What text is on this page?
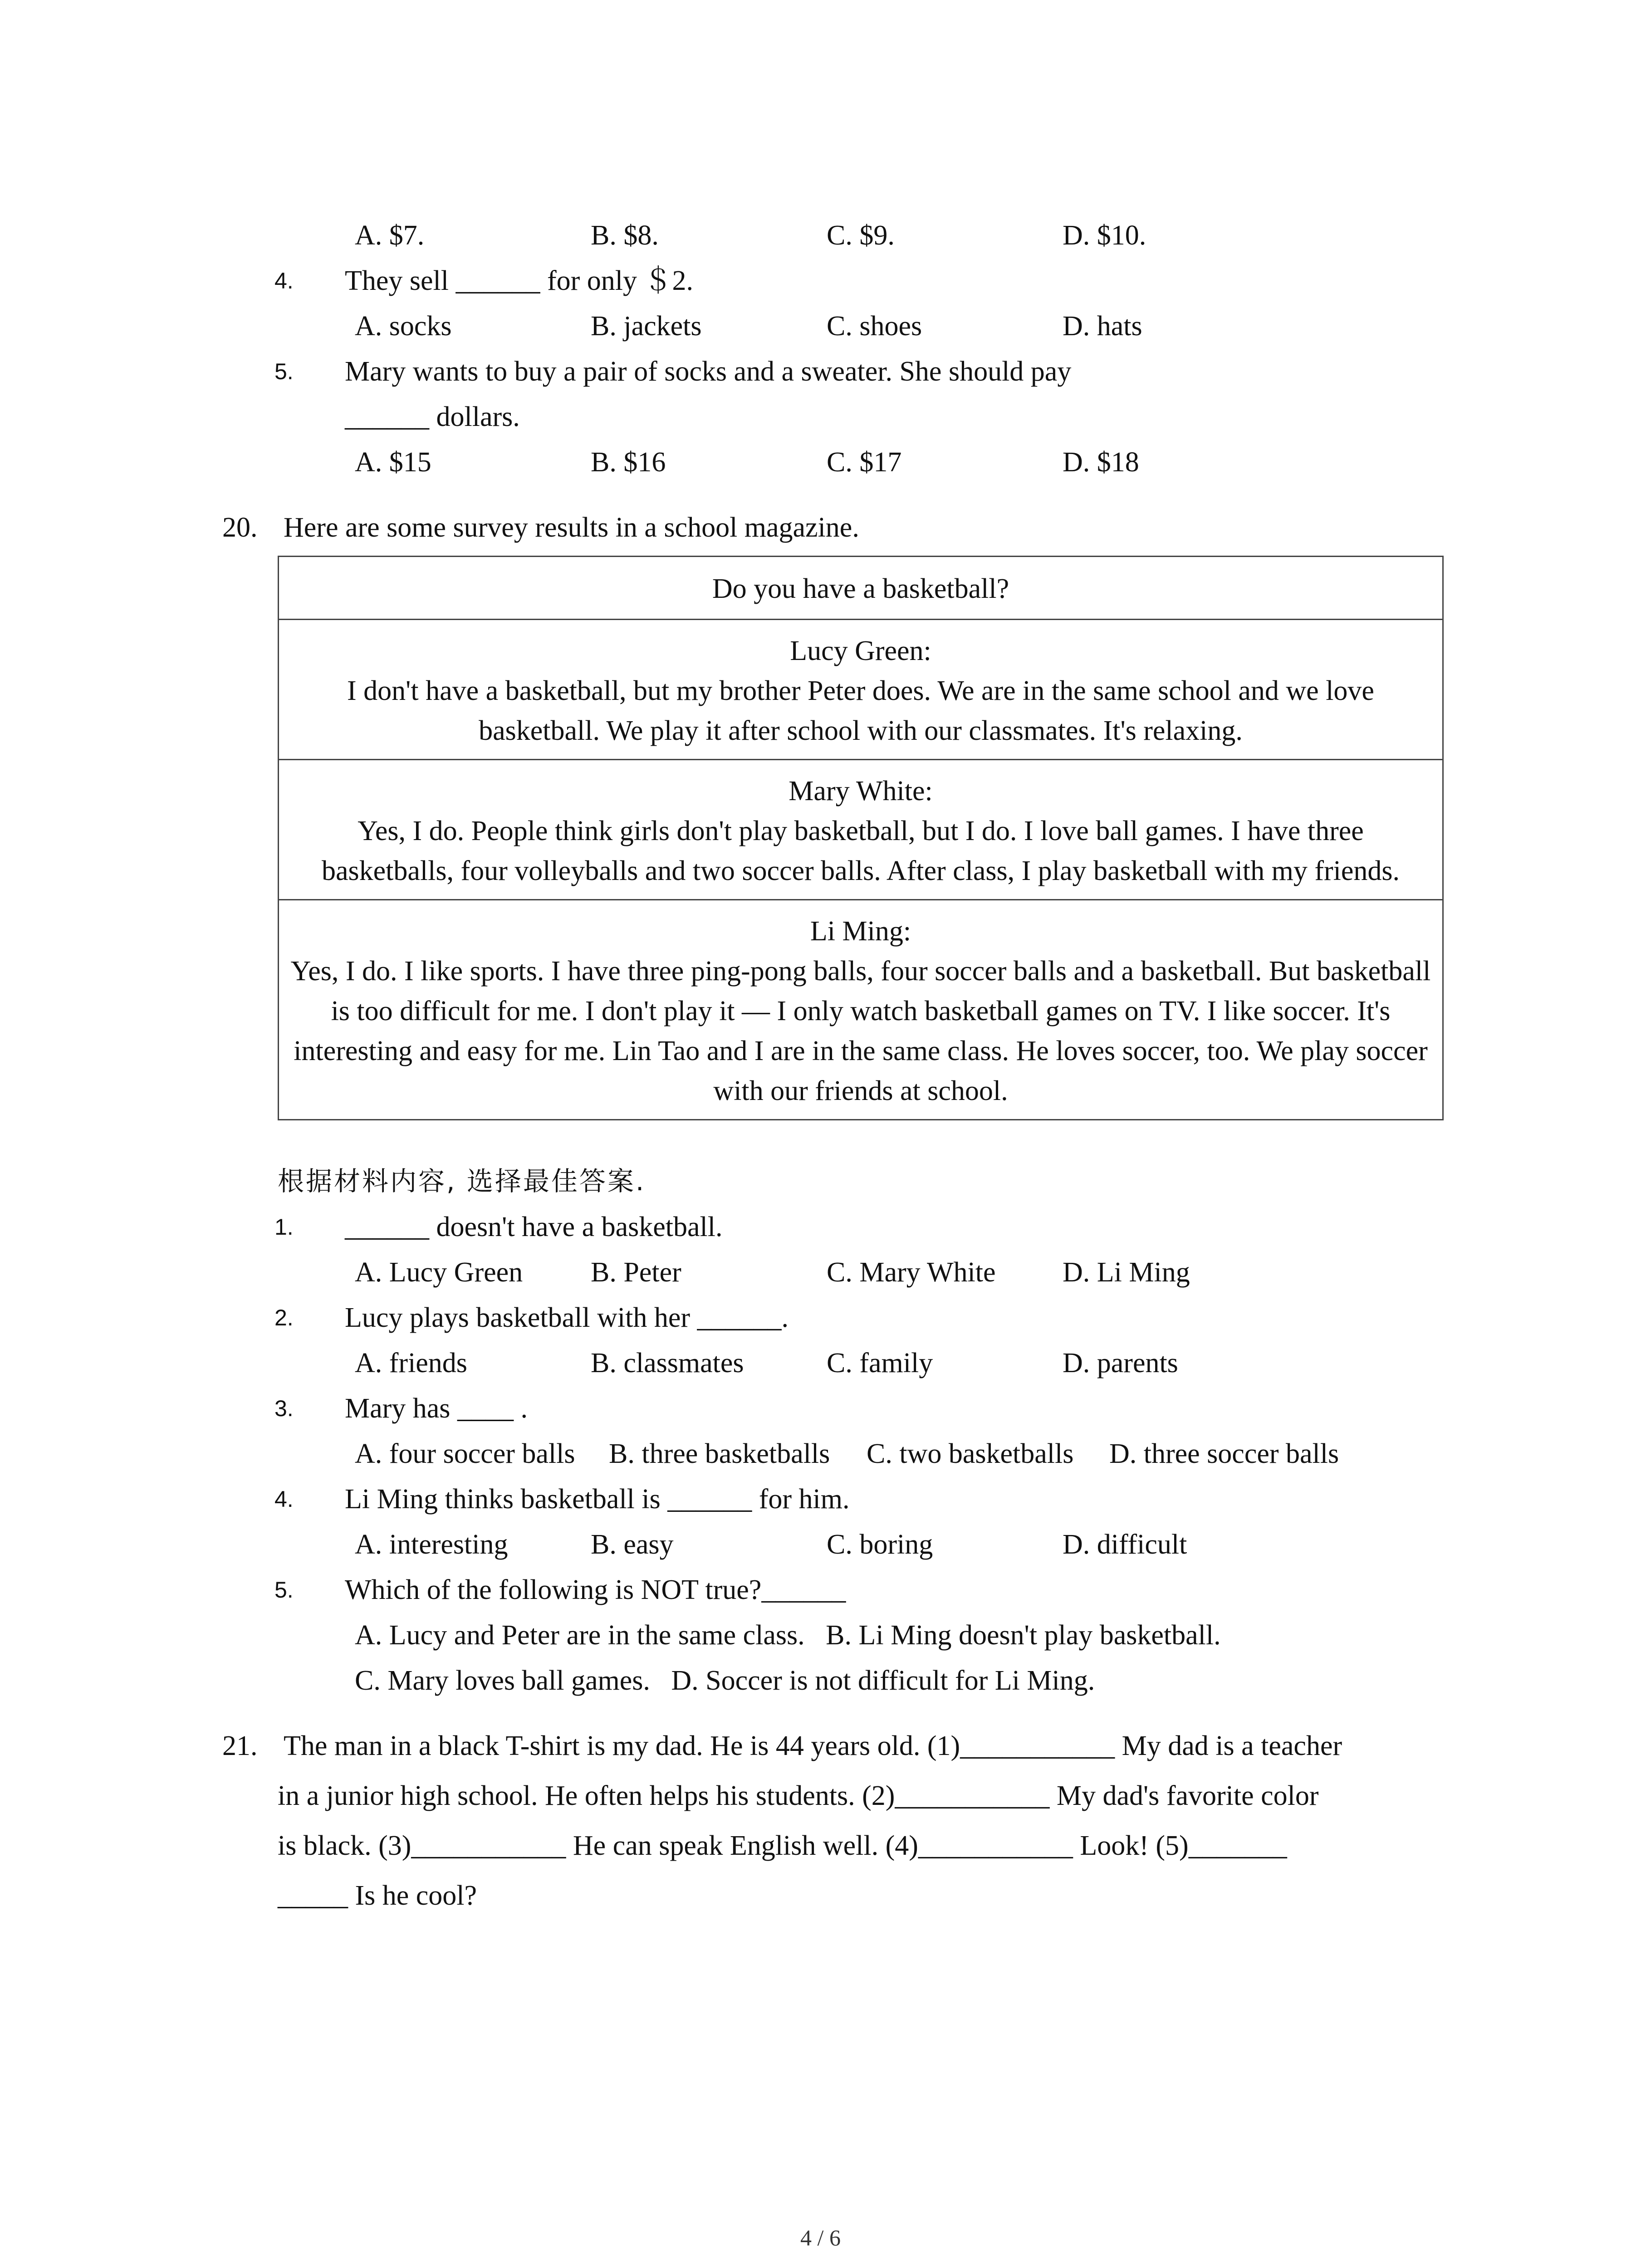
A. $7.	B. $8.	C. $9.	D. $10.
4. They sell ______ for only ＄2.
A. socks	B. jackets	C. shoes	D. hats
5. Mary wants to buy a pair of socks and a sweater. She should pay
______ dollars.
A. $15	B. $16	C. $17	D. $18
20. Here are some survey results in a school magazine.
Do you have a basketball?

Lucy Green:
I don't have a basketball, but my brother Peter does. We are in the same school and we love basketball. We play it after school with our classmates. It's relaxing.

Mary White:
Yes, I do. People think girls don't play basketball, but I do. I love ball games. I have three basketballs, four volleyballs and two soccer balls. After class, I play basketball with my friends.

Li Ming:
Yes, I do. I like sports. I have three ping-pong balls, four soccer balls and a basketball. But basketball is too difficult for me. I don't play it — I only watch basketball games on TV. I like soccer. It's interesting and easy for me. Lin Tao and I are in the same class. He loves soccer, too. We play soccer with our friends at school.
根据材料内容, 选择最佳答案.
1. ______ doesn't have a basketball.
A. Lucy Green B. Peter	C. Mary White D. Li Ming
2. Lucy plays basketball with her ______.
A. friends	B. classmates	C. family	D. parents
3. Mary has ____ .
A. four soccer balls B. three basketballs C. two basketballs D. three soccer balls
4. Li Ming thinks basketball is ______ for him.
A. interesting	B. easy	C. boring	D. difficult
5. Which of the following is NOT true?______
A. Lucy and Peter are in the same class.   B. Li Ming doesn't play basketball.
C. Mary loves ball games.   D. Soccer is not difficult for Li Ming.
21. The man in a black T-shirt is my dad. He is 44 years old. (1)___________ My dad is a teacher
in a junior high school. He often helps his students. (2)___________ My dad's favorite color
is black. (3)___________ He can speak English well. (4)___________ Look! (5)_______
_____ Is he cool?
4 / 6
